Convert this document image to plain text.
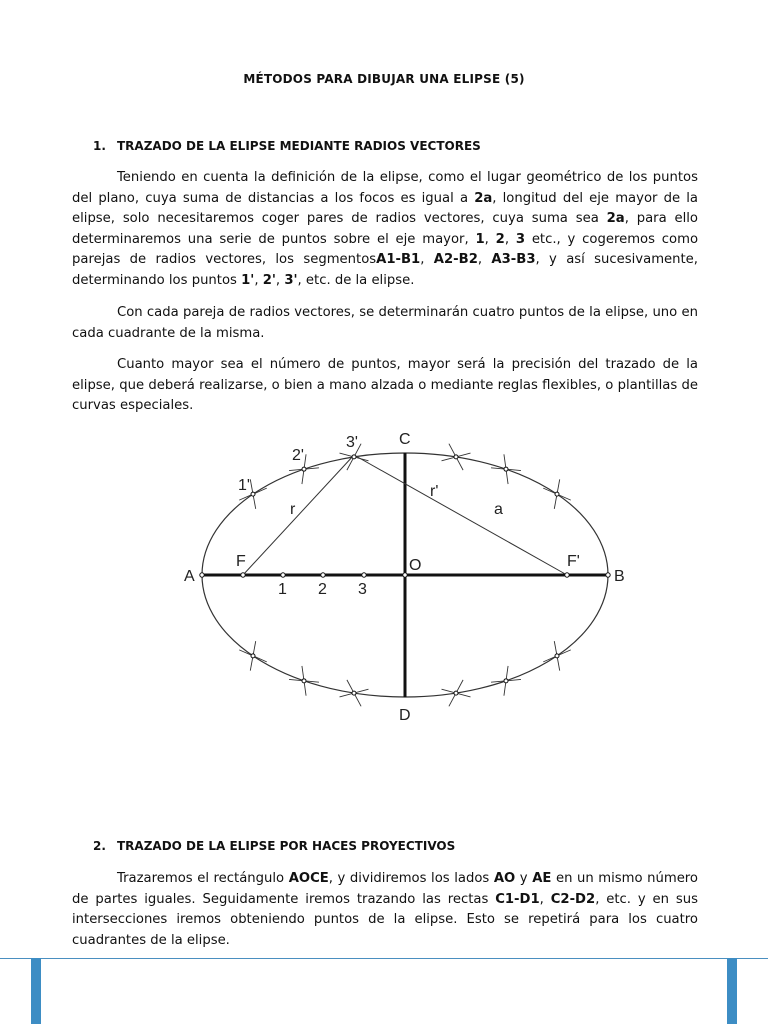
MÉTODOS PARA DIBUJAR UNA ELIPSE (5)
1. TRAZADO DE LA ELIPSE MEDIANTE RADIOS VECTORES

Teniendo en cuenta la definición de la elipse, como el lugar geométrico de los puntos del plano, cuya suma de distancias a los focos es igual a 2a, longitud del eje mayor de la elipse, solo necesitaremos coger pares de radios vectores, cuya suma sea 2a, para ello determinaremos una serie de puntos sobre el eje mayor, 1, 2, 3 etc., y cogeremos como parejas de radios vectores, los segmentosA1-B1, A2-B2, A3-B3, y así sucesivamente, determinando los puntos 1', 2', 3', etc. de la elipse.

Con cada pareja de radios vectores, se determinarán cuatro puntos de la elipse, uno en cada cuadrante de la misma.

Cuanto mayor sea el número de puntos, mayor será la precisión del trazado de la elipse, que deberá realizarse, o bien a mano alzada o mediante reglas flexibles, o plantillas de curvas especiales.

A	B
C
D
O
F	F'
1 2 3
1'
2'
3'
r
r'
a
2. TRAZADO DE LA ELIPSE POR HACES PROYECTIVOS

Trazaremos el rectángulo AOCE, y dividiremos los lados AO y AE en un mismo número de partes iguales. Seguidamente iremos trazando las rectas C1-D1, C2-D2, etc. y en sus intersecciones iremos obteniendo puntos de la elipse. Esto se repetirá para los cuatro cuadrantes de la elipse.
